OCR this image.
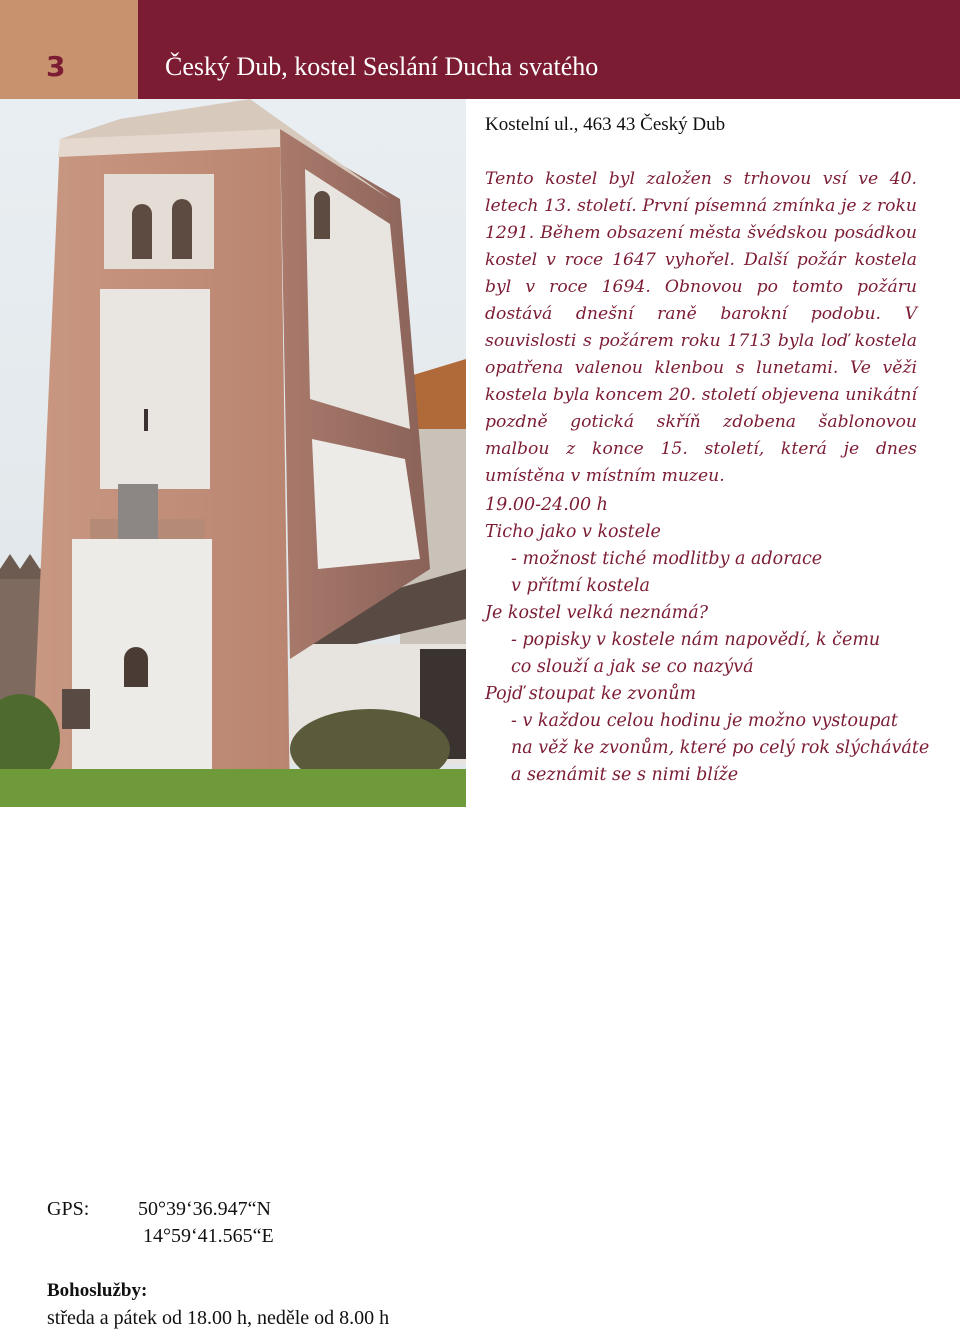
3	Český Dub, kostel Seslání Ducha svatého
Kostelní ul., 463 43 Český Dub
Tento kostel byl založen s trhovou vsí ve 40. letech 13. století. První písemná zmínka je z roku 1291. Během obsazení města švédskou posádkou kostel v roce 1647 vyhořel. Další požár kostela byl v roce 1694. Obnovou po tomto požáru dostává dnešní raně barokní podobu. V souvislosti s požárem roku 1713 byla loď kostela opatřena valenou klenbou s lunetami. Ve věži kostela byla koncem 20. století objevena unikátní pozdně gotická skříň zdobena šablonovou malbou z konce 15. století, která je dnes umístěna v místním muzeu.
19.00-24.00 h
Ticho jako v kostele
- možnost tiché modlitby a adorace
v přítmí kostela
Je kostel velká neznámá?
- popisky v kostele nám napovědí, k čemu
co slouží a jak se co nazývá
Pojď stoupat ke zvonům
- v každou celou hodinu je možno vystoupat
na věž ke zvonům, které po celý rok slýcháváte
a seznámit se s nimi blíže
GPS: 50°39‘36.947“N
14°59‘41.565“E
Bohoslužby:
středa a pátek od 18.00 h, neděle od 8.00 h
